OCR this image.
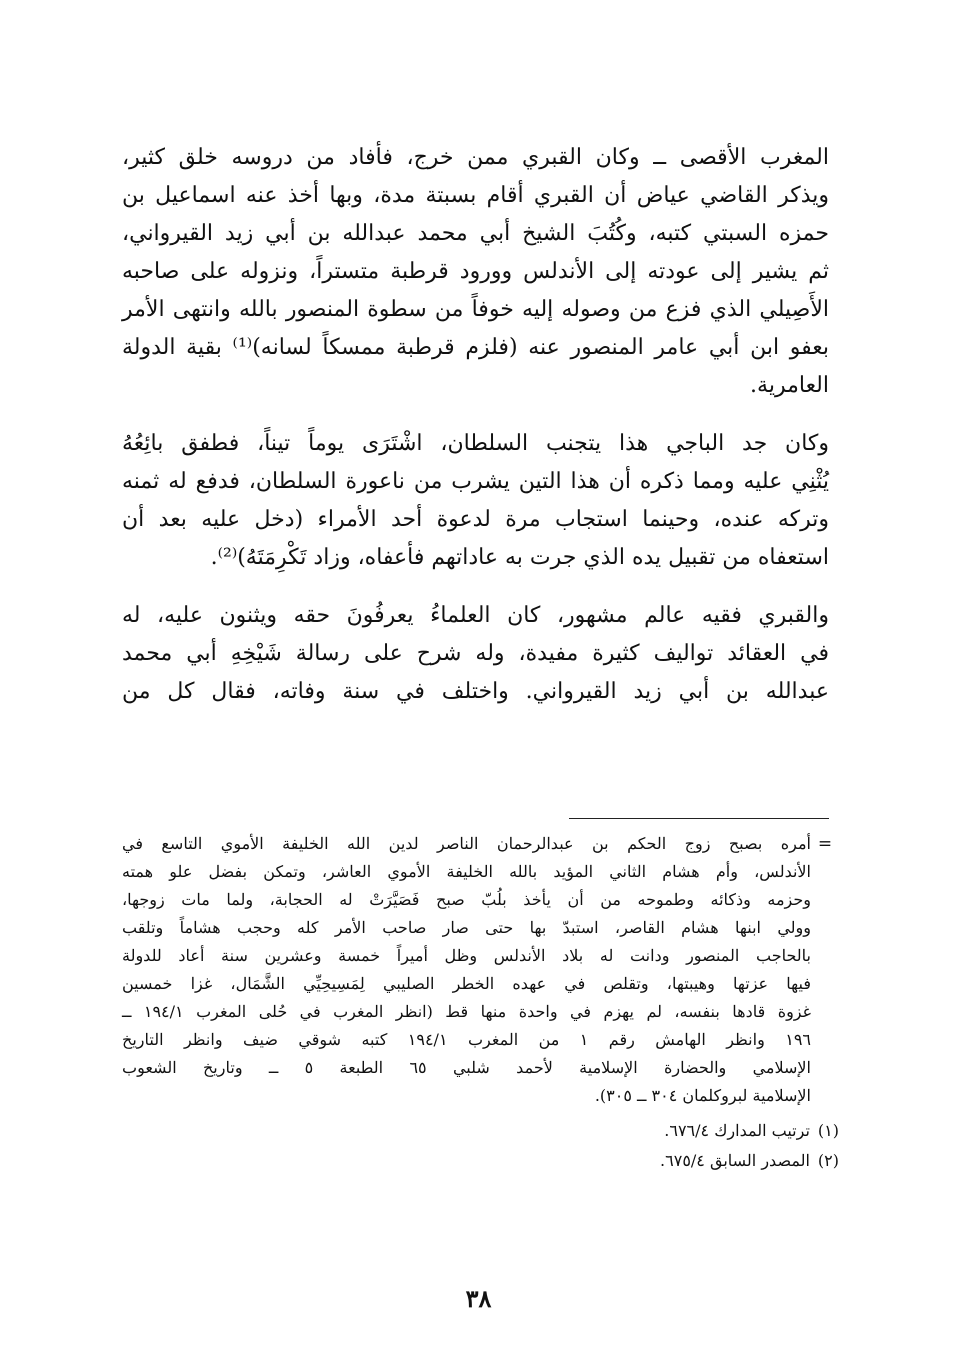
المغرب الأقصى ــ وكان القبري ممن خرج، فأفاد من دروسه خلق كثير،
ويذكر القاضي عياض أن القبري أقام بسبتة مدة، وبها أخذ عنه اسماعيل بن
حمزه السبتي كتبه، وكُتُبَ الشيخ أبي محمد عبدالله بن أبي زيد القيرواني،
ثم يشير إلى عودته إلى الأندلس وورود قرطبة متستراً، ونزوله على صاحبه
الأَصِيلي الذي فزع من وصوله إليه خوفاً من سطوة المنصور بالله وانتهى الأمر
بعفو ابن أبي عامر المنصور عنه (فلزم قرطبة ممسكاً لسانه)⁽¹⁾ بقية الدولة
العامرية.
وكان جد الباجي هذا يتجنب السلطان، اشْتَرَى يوماً تيناً، فطفق بائِعُهُ
يُثْنِي عليه ومما ذكره أن هذا التين يشرب من ناعورة السلطان، فدفع له ثمنه
وتركه عنده، وحينما استجاب مرة لدعوة أحد الأمراء (دخل عليه بعد أن
استعفاه من تقبيل يده الذي جرت به عاداتهم فأعفاه، وزاد تَكْرِمَتَهُ)⁽²⁾.
والقبري فقيه عالم مشهور، كان العلماءُ يعرفُونَ حقه ويثنون عليه، له
في العقائد تواليف كثيرة مفيدة، وله شرح على رسالة شَيْخِهِ أبي محمد
عبدالله بن أبي زيد القيرواني. واختلف في سنة وفاته، فقال كل من
=
أمره بصبح زوج الحكم بن عبدالرحمان الناصر لدين الله الخليفة الأموي التاسع في
الأندلس، وأم هشام الثاني المؤيد بالله الخليفة الأموي العاشر، وتمكن بفضل علو همته
وحزمه وذكائه وطموحه من أن يأخذ بلُبّ صبح فَصَيَّرَتْ له الحجابة، ولما مات زوجها،
وولي ابنها هشام القاصر، استبدّ بها حتى صار صاحب الأمر كله وحجب هشاماً وتلقب
بالحاجب المنصور ودانت له بلاد الأندلس وظل أميراً خمسة وعشرين سنة أعاد للدولة
فيها عزتها وهيبتها، وتقلص في عهده الخطر الصليبي لِمَسِيحِيِّي الشَّمَال، غزا خمسين
غزوة قادها بنفسه، لم يهزم في واحدة منها قط (انظر المغرب في حُلى المغرب ١٩٤/١ ــ
١٩٦ وانظر الهامش رقم ١ من المغرب ١٩٤/١ كتبه شوقي ضيف وانظر التاريخ
الإسلامي والحضارة الإسلامية لأحمد شلبي ٦٥ الطبعة ٥ ــ وتاريخ الشعوب
الإسلامية لبروكلمان ٣٠٤ ــ ٣٠٥).
(١)ترتيب المدارك ٦٧٦/٤.
(٢)المصدر السابق ٦٧٥/٤.
٣٨
